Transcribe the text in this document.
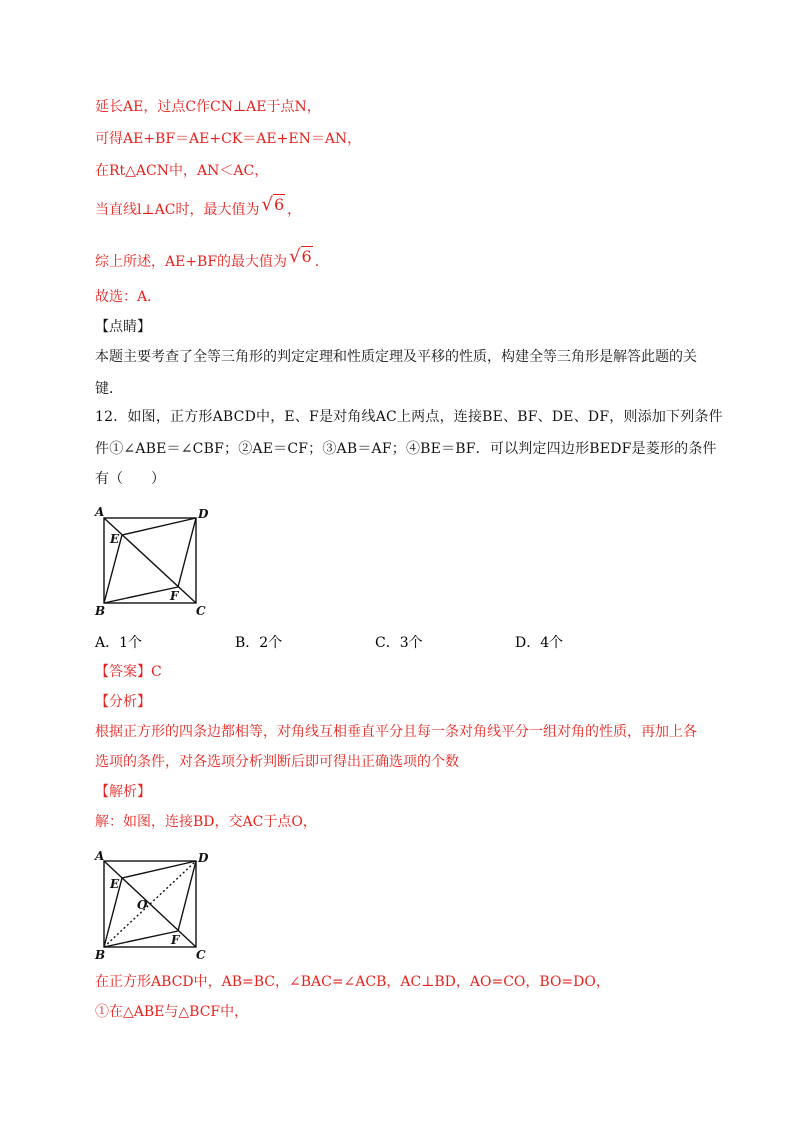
延长AE，过点C作CN⊥AE于点N，
可得AE+BF＝AE+CK＝AE+EN＝AN，
在Rt△ACN中，AN＜AC，
当直线l⊥AC时，最大值为 √6 ，
综上所述，AE+BF的最大值为 √6 ．
故选：A．
【点睛】
本题主要考查了全等三角形的判定定理和性质定理及平移的性质，构建全等三角形是解答此题的关
键．
12．如图，正方形ABCD中，E、F是对角线AC上两点，连接BE、BF、DE、DF，则添加下列条件
件①∠ABE＝∠CBF；②AE＝CF；③AB＝AF；④BE＝BF．可以判定四边形BEDF是菱形的条件
有（　　）
A	D
E
F
B	C
A．1个	B．2个	C．3个	D．4个
【答案】C
【分析】
根据正方形的四条边都相等，对角线互相垂直平分且每一条对角线平分一组对角的性质，再加上各
选项的条件，对各选项分析判断后即可得出正确选项的个数
【解析】
解：如图，连接BD，交AC于点O，
A	D
E
O
F
B	C
在正方形ABCD中，AB=BC，∠BAC=∠ACB，AC⊥BD，AO=CO，BO=DO，
①在△ABE与△BCF中，
